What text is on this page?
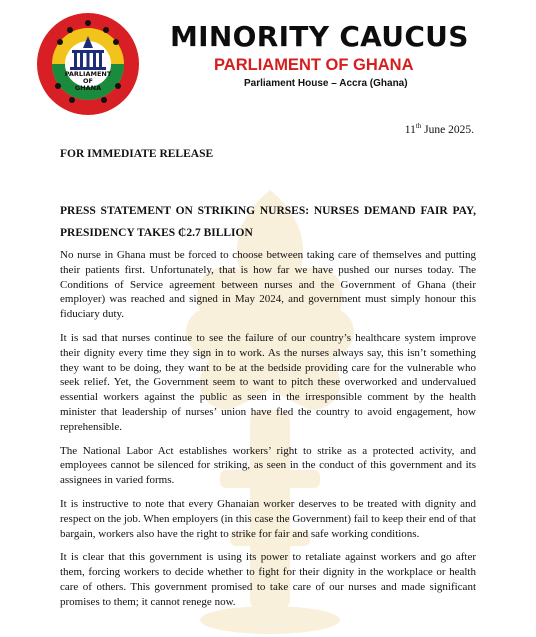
PARLIAMENT
OF
GHANA
MINORITY CAUCUS
PARLIAMENT OF GHANA
Parliament House – Accra (Ghana)
11th June 2025.
FOR IMMEDIATE RELEASE
PRESS STATEMENT ON STRIKING NURSES: NURSES DEMAND FAIR PAY, PRESIDENCY TAKES ₵2.7 BILLION

No nurse in Ghana must be forced to choose between taking care of themselves and putting their patients first. Unfortunately, that is how far we have pushed our nurses today. The Conditions of Service agreement between nurses and the Government of Ghana (their employer) was reached and signed in May 2024, and government must simply honour this fiduciary duty.

It is sad that nurses continue to see the failure of our country’s healthcare system improve their dignity every time they sign in to work. As the nurses always say, this isn’t something they want to be doing, they want to be at the bedside providing care for the vulnerable who seek relief. Yet, the Government seem to want to pitch these overworked and undervalued essential workers against the public as seen in the irresponsible comment by the health minister that leadership of nurses’ union have fled the country to avoid engagement, how reprehensible.

The National Labor Act establishes workers’ right to strike as a protected activity, and employees cannot be silenced for striking, as seen in the conduct of this government and its assignees in varied forms.

It is instructive to note that every Ghanaian worker deserves to be treated with dignity and respect on the job. When employers (in this case the Government) fail to keep their end of that bargain, workers also have the right to strike for fair and safe working conditions.

It is clear that this government is using its power to retaliate against workers and go after them, forcing workers to decide whether to fight for their dignity in the workplace or health care of others. This government promised to take care of our nurses and made significant promises to them; it cannot renege now.
